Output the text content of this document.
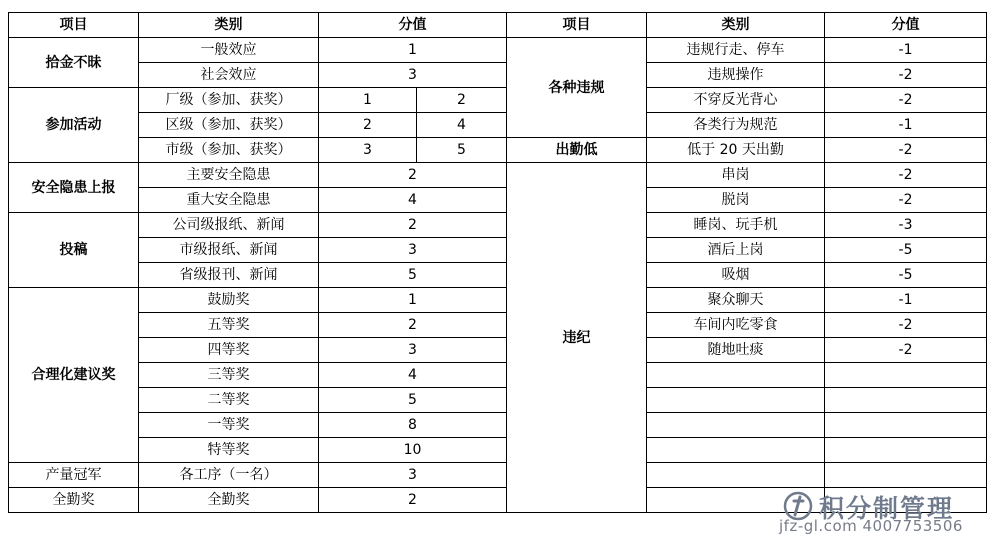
项目	类别	分值		项目	类别	分值
拾金不昧	一般效应	1		各种违规	违规行走、停车	-1
	社会效应	3			违规操作	-2
参加活动	厂级（参加、获奖）	1	2		不穿反光背心	-2
	区级（参加、获奖）	2	4		各类行为规范	-1
	市级（参加、获奖）	3	5	出勤低	低于 20 天出勤	-2
安全隐患上报	主要安全隐患	2		违纪	串岗	-2
	重大安全隐患	4			脱岗	-2
投稿	公司级报纸、新闻	2			睡岗、玩手机	-3
	市级报纸、新闻	3			酒后上岗	-5
	省级报刊、新闻	5			吸烟	-5
合理化建议奖	鼓励奖	1			聚众聊天	-1
	五等奖	2			车间内吃零食	-2
	四等奖	3			随地吐痰	-2
	三等奖	4				
	二等奖	5				
	一等奖	8				
	特等奖	10				
产量冠军	各工序（一名）	3				
全勤奖	全勤奖	2					积分制管理
jfz-gl.com 4007753506
